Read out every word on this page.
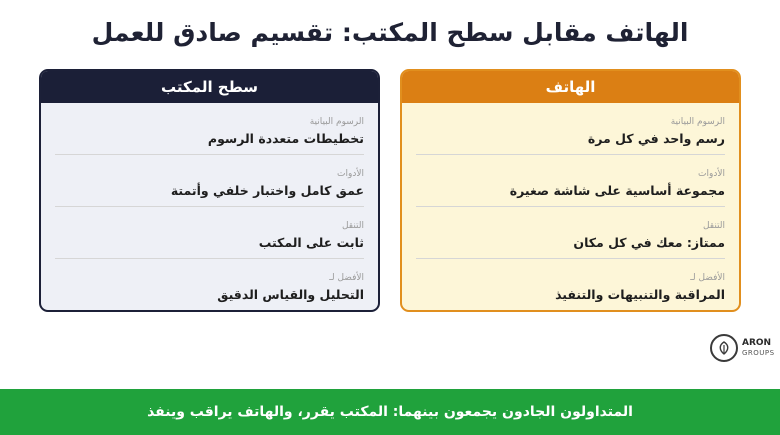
الهاتف مقابل سطح المكتب: تقسيم صادق للعمل
الهاتف
الرسوم البيانية
رسم واحد في كل مرة
الأدوات
مجموعة أساسية على شاشة صغيرة
التنقل
ممتاز: معك في كل مكان
الأفضل لـ
المراقبة والتنبيهات والتنفيذ
سطح المكتب
الرسوم البيانية
تخطيطات متعددة الرسوم
الأدوات
عمق كامل واختبار خلفي وأتمتة
التنقل
ثابت على المكتب
الأفضل لـ
التحليل والقياس الدقيق
ARON
GROUPS
المتداولون الجادون يجمعون بينهما: المكتب يقرر، والهاتف يراقب وينفذ
